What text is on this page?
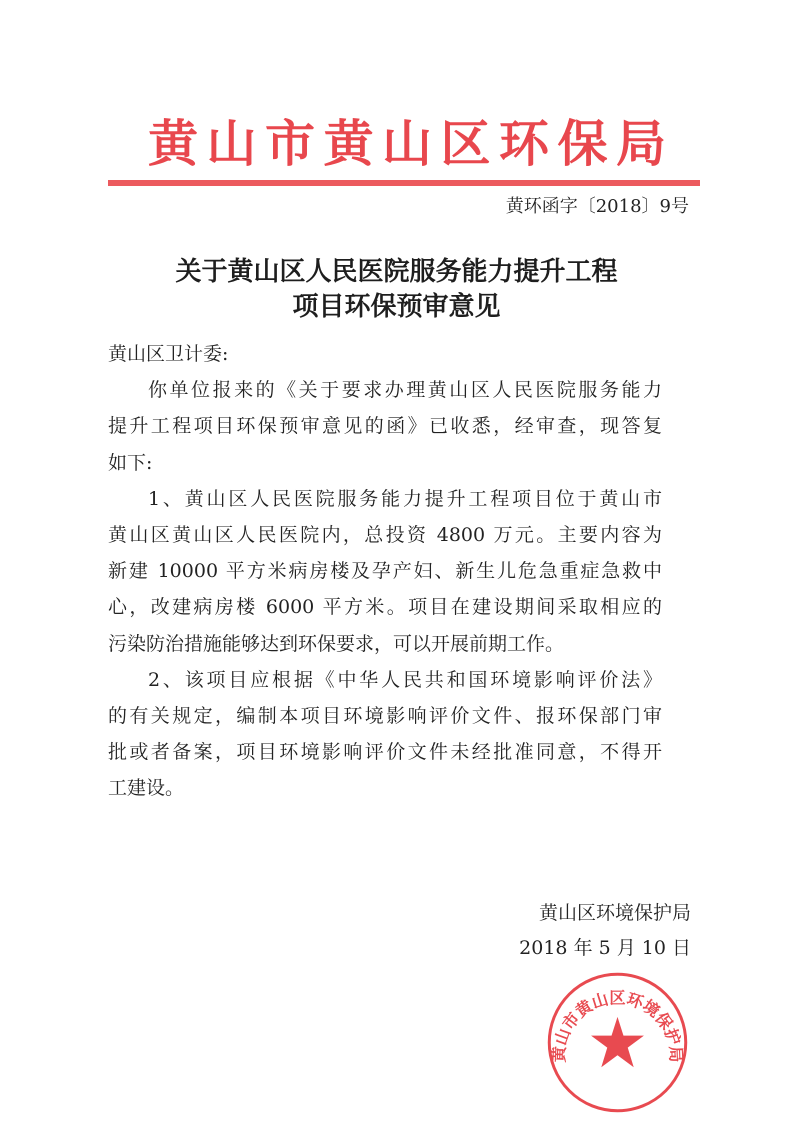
黄山市黄山区环保局
黄环函字〔2018〕9号
关于黄山区人民医院服务能力提升工程
项目环保预审意见
黄山区卫计委:
你单位报来的《关于要求办理黄山区人民医院服务能力
提升工程项目环保预审意见的函》已收悉，经审查，现答复
如下:
1、黄山区人民医院服务能力提升工程项目位于黄山市
黄山区黄山区人民医院内，总投资 4800 万元。主要内容为
新建 10000 平方米病房楼及孕产妇、新生儿危急重症急救中
心，改建病房楼 6000 平方米。项目在建设期间采取相应的
污染防治措施能够达到环保要求，可以开展前期工作。
2、该项目应根据《中华人民共和国环境影响评价法》
的有关规定，编制本项目环境影响评价文件、报环保部门审
批或者备案，项目环境影响评价文件未经批准同意，不得开
工建设。
黄山区环境保护局
2018 年 5 月 10 日
黄山市黄山区环境保护局
